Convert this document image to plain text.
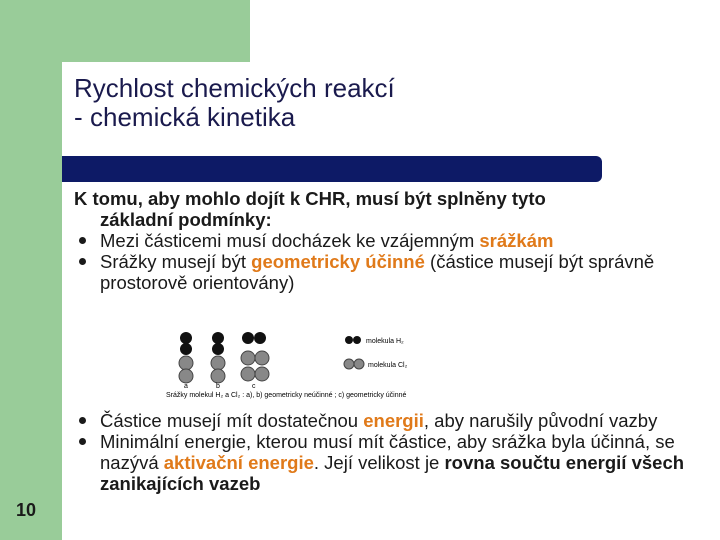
Rychlost chemických reakcí
- chemická kinetika

K tomu, aby mohlo dojít k CHR, musí být splněny tyto
základní podmínky:

Mezi částicemi musí docházek ke vzájemným srážkám
Srážky musejí být geometricky účinné (částice musejí být správně prostorově orientovány)
molekula H₂
molekula Cl₂
a	b	c
Srážky molekul H₂ a Cl₂ : a), b) geometricky neúčinné ; c) geometricky účinné
Částice musejí mít dostatečnou energii, aby narušily původní vazby
Minimální energie, kterou musí mít částice, aby srážka byla účinná, se nazývá aktivační energie. Její velikost je rovna součtu energií všech zanikajících vazeb
10
